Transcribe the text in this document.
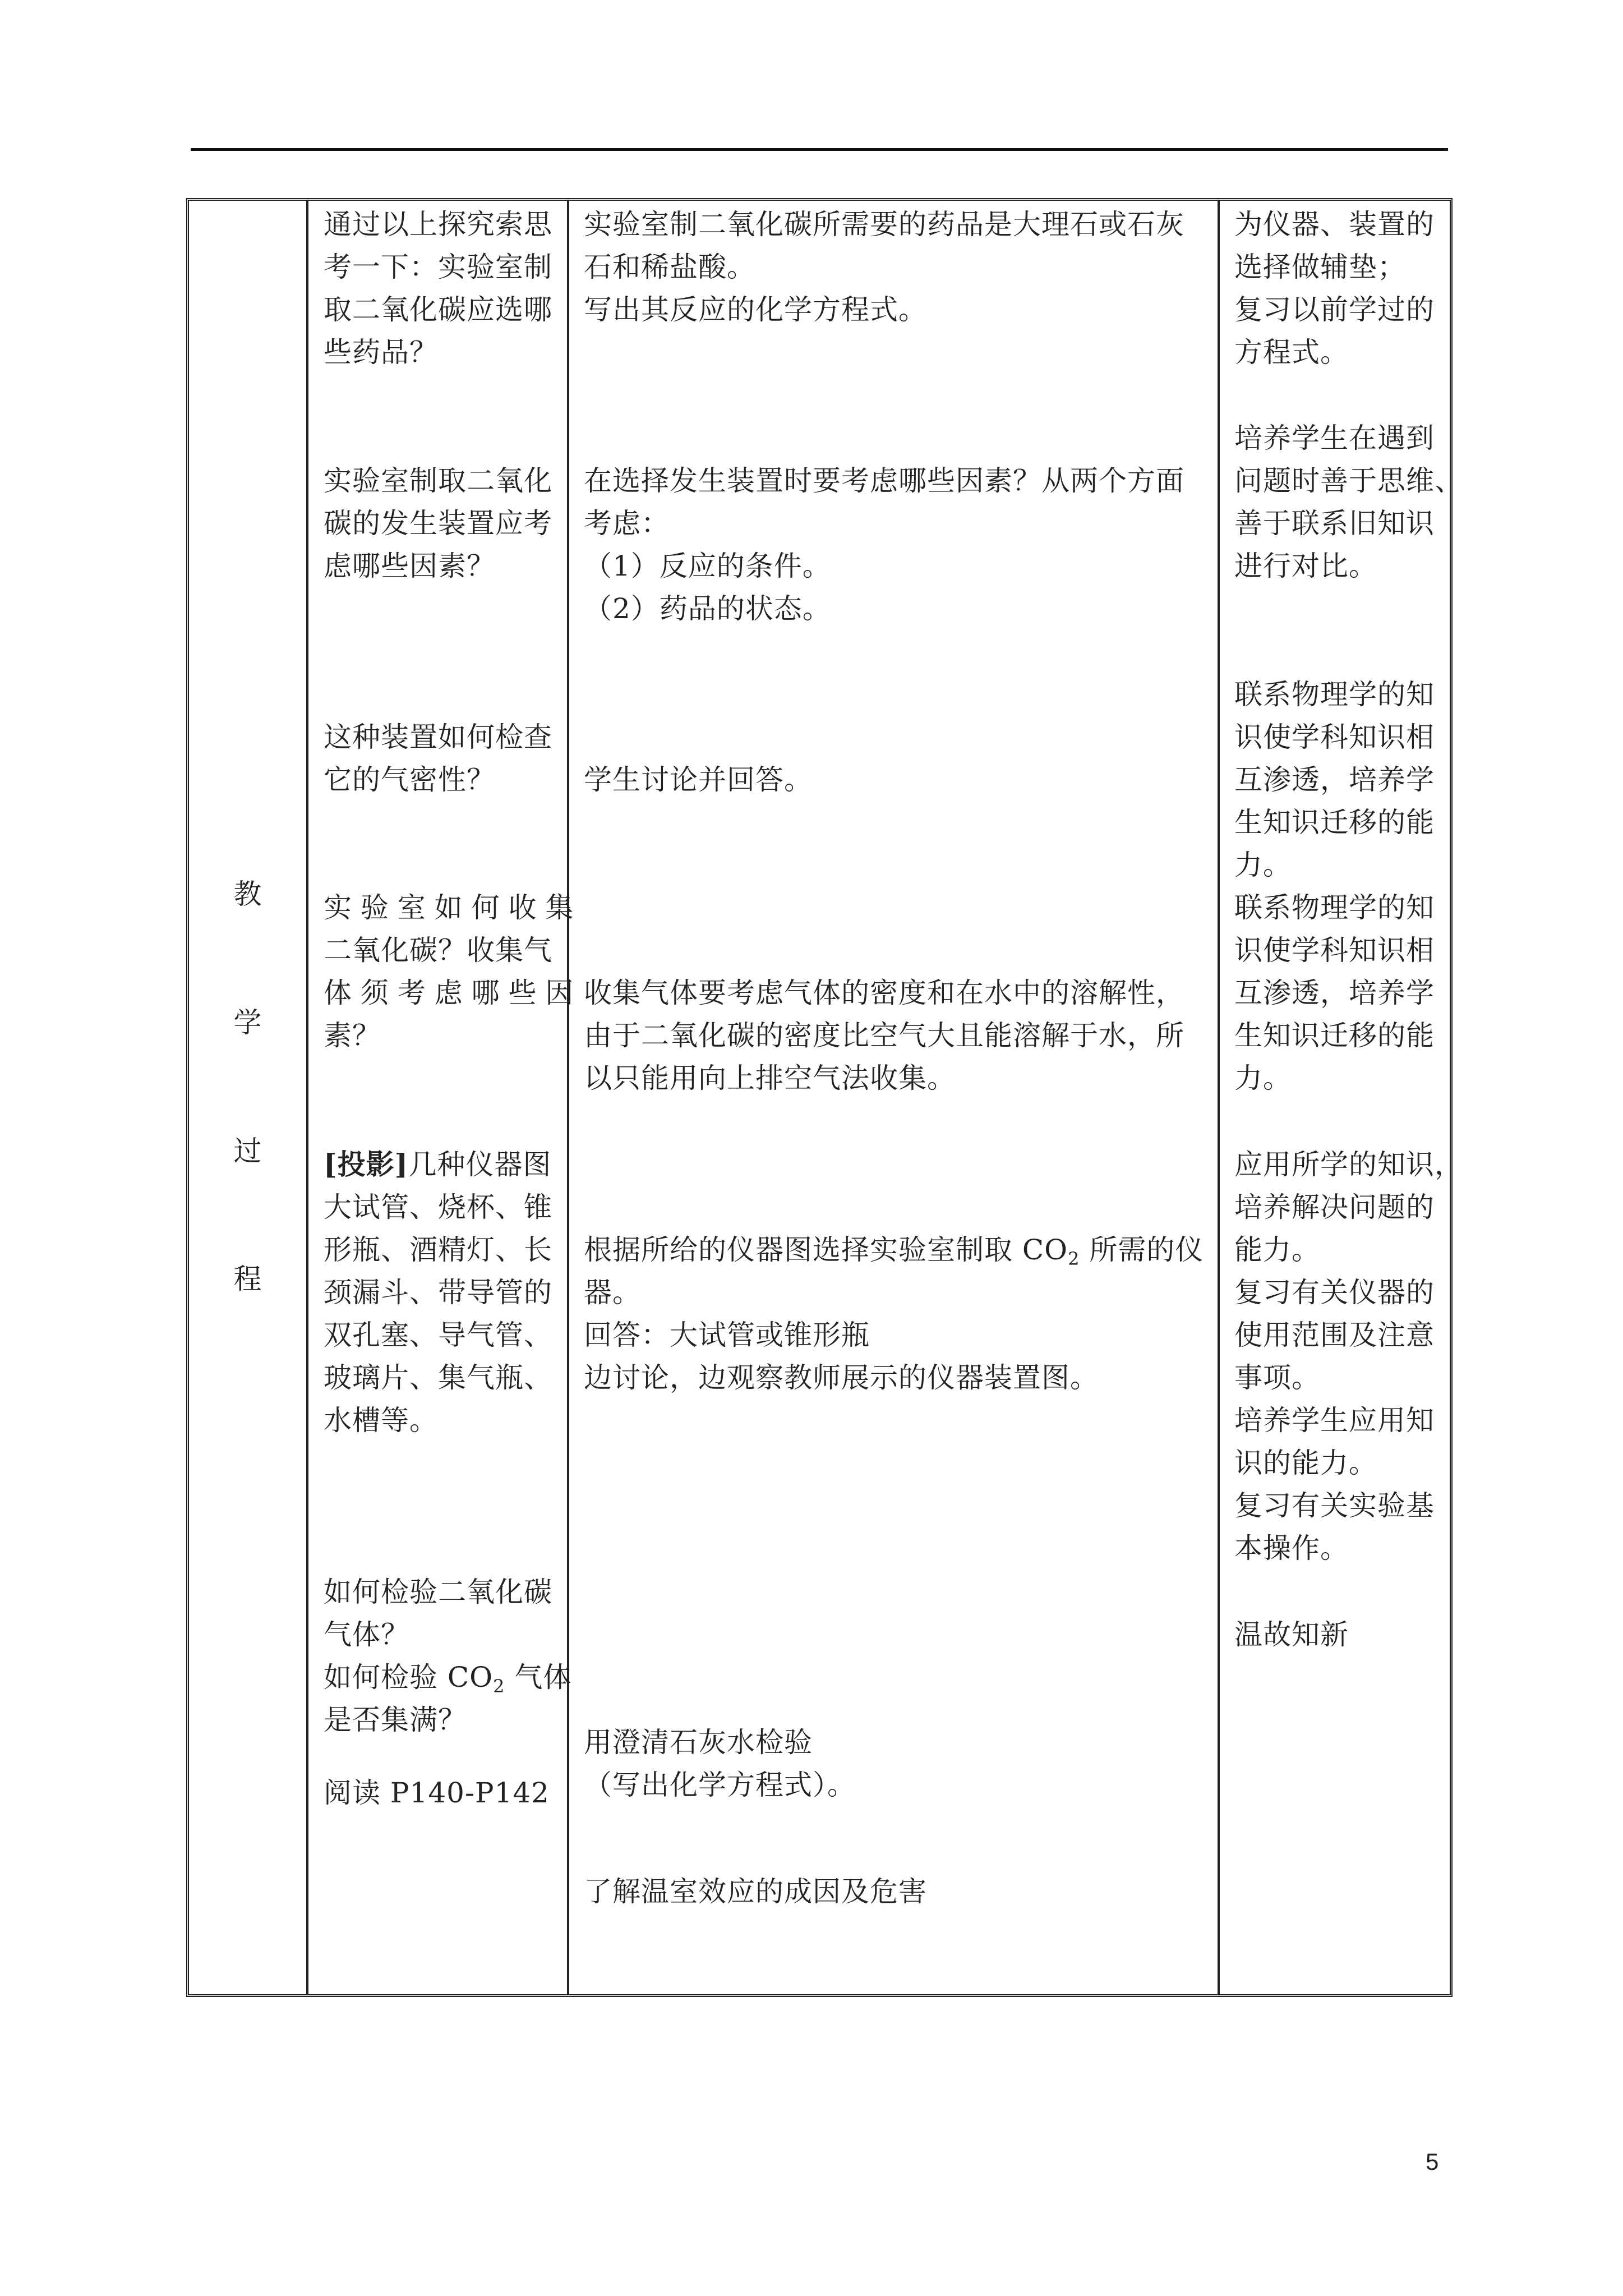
教
学
过
程
通过以上探究索思
考一下：实验室制
取二氧化碳应选哪
些药品？
实验室制取二氧化
碳的发生装置应考
虑哪些因素？
这种装置如何检查
它的气密性？
实 验 室 如 何 收 集
二氧化碳？收集气
体 须 考 虑 哪 些 因
素？
[投影]几种仪器图
大试管、烧杯、锥
形瓶、酒精灯、长
颈漏斗、带导管的
双孔塞、导气管、
玻璃片、集气瓶、
水槽等。
如何检验二氧化碳
气体？
如何检验 $CO_2$ 气体
是否集满？
阅读 P140-P142
实验室制二氧化碳所需要的药品是大理石或石灰
石和稀盐酸。
写出其反应的化学方程式。
在选择发生装置时要考虑哪些因素？从两个方面
考虑：
（1）反应的条件。
（2）药品的状态。
学生讨论并回答。
收集气体要考虑气体的密度和在水中的溶解性，
由于二氧化碳的密度比空气大且能溶解于水，所
以只能用向上排空气法收集。
根据所给的仪器图选择实验室制取 $CO_2$ 所需的仪
器。
回答：大试管或锥形瓶
边讨论，边观察教师展示的仪器装置图。
用澄清石灰水检验
（写出化学方程式）。
了解温室效应的成因及危害
为仪器、装置的
选择做辅垫；
复习以前学过的
方程式。
培养学生在遇到
问题时善于思维、
善于联系旧知识
进行对比。
联系物理学的知
识使学科知识相
互渗透，培养学
生知识迁移的能
力。
联系物理学的知
识使学科知识相
互渗透，培养学
生知识迁移的能
力。
应用所学的知识，
培养解决问题的
能力。
复习有关仪器的
使用范围及注意
事项。
培养学生应用知
识的能力。
复习有关实验基
本操作。
温故知新
5
